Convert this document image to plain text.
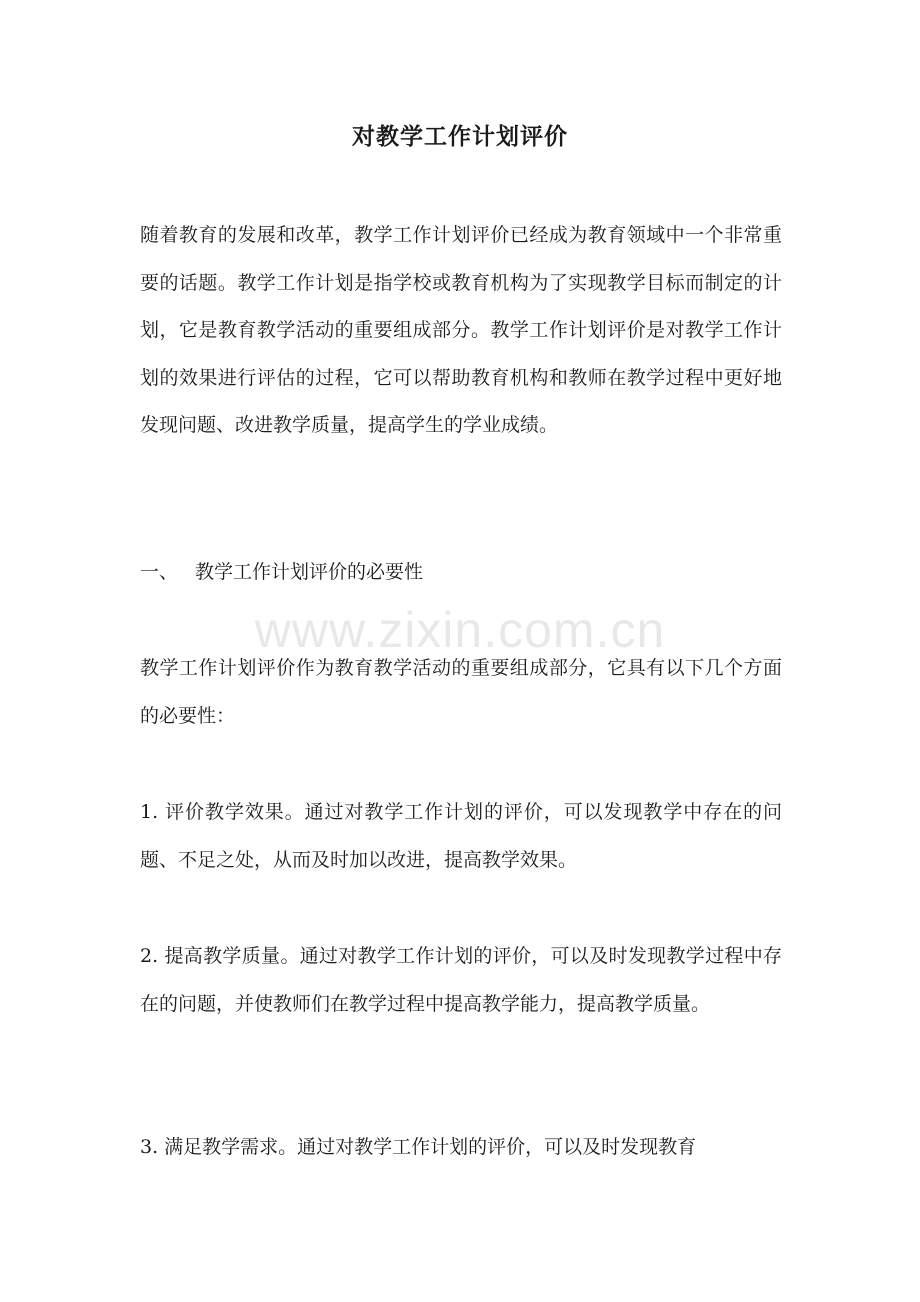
对教学工作计划评价

随着教育的发展和改革，教学工作计划评价已经成为教育领域中一个非常重要的话题。教学工作计划是指学校或教育机构为了实现教学目标而制定的计划，它是教育教学活动的重要组成部分。教学工作计划评价是对教学工作计划的效果进行评估的过程，它可以帮助教育机构和教师在教学过程中更好地发现问题、改进教学质量，提高学生的学业成绩。

一、 教学工作计划评价的必要性

www.zixin.com.cn

教学工作计划评价作为教育教学活动的重要组成部分，它具有以下几个方面的必要性：

1. 评价教学效果。通过对教学工作计划的评价，可以发现教学中存在的问题、不足之处，从而及时加以改进，提高教学效果。

2. 提高教学质量。通过对教学工作计划的评价，可以及时发现教学过程中存在的问题，并使教师们在教学过程中提高教学能力，提高教学质量。

3. 满足教学需求。通过对教学工作计划的评价，可以及时发现教育
